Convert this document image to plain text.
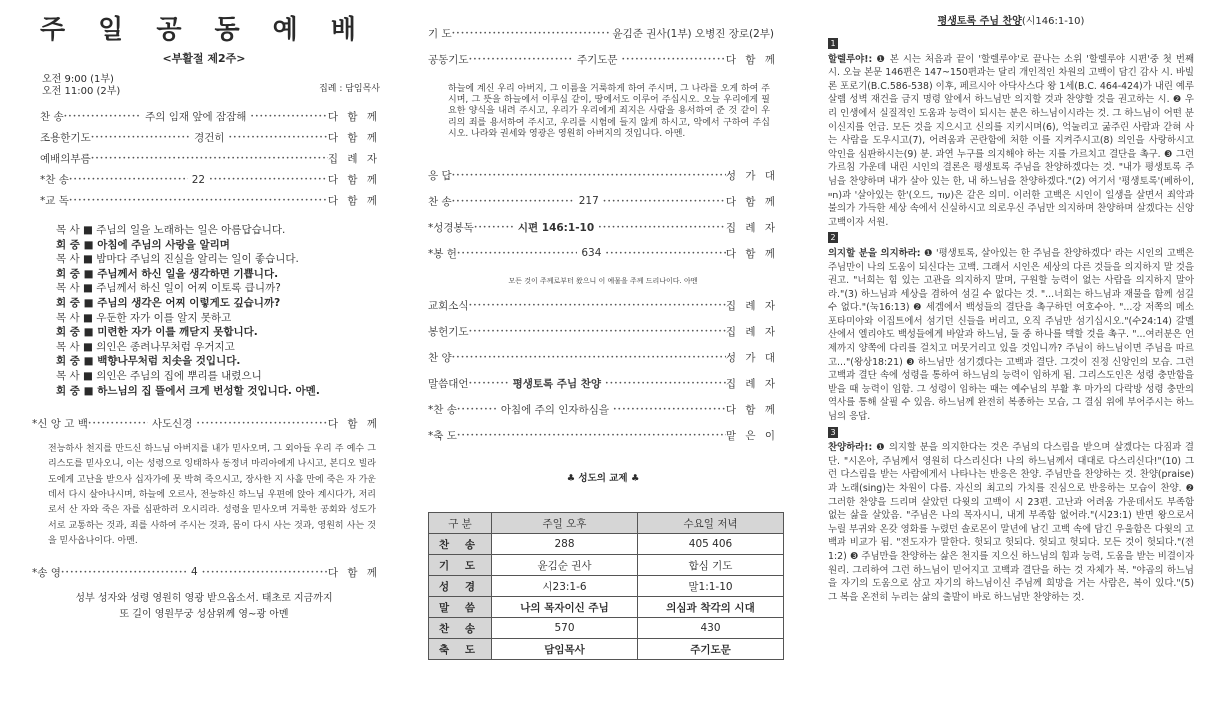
주 일 공 동 예 배
<부활절 제2주>
오전 9:00 (1부)
오전 11:00 (2부)	집례 : 담임목사
찬 송 •••••	주의 임재 앞에 잠잠해 •••••	다 함 께
조용한기도 •••••	경건히 •••••	다 함 께
예배의부름 •••••	집 례 자
*찬 송 •••••	22 •••••	다 함 께
*교 독 •••••	다 함 께
목 사 ■ 주님의 일을 노래하는 일은 아름답습니다.
회 중 ■ 아침에 주님의 사랑을 알리며
목 사 ■ 밤마다 주님의 진실을 알리는 일이 좋습니다.
회 중 ■ 주님께서 하신 일을 생각하면 기쁩니다.
목 사 ■ 주님께서 하신 일이 어찌 이토록 큽니까?
회 중 ■ 주님의 생각은 어찌 이렇게도 깊습니까?
목 사 ■ 우둔한 자가 이를 알지 못하고
회 중 ■ 미련한 자가 이를 깨닫지 못합니다.
목 사 ■ 의인은 종려나무처럼 우거지고
회 중 ■ 백향나무처럼 치솟을 것입니다.
목 사 ■ 의인은 주님의 집에 뿌리를 내렸으니
회 중 ■ 하느님의 집 뜰에서 크게 번성할 것입니다. 아멘.
*신 앙 고 백 •••••	사도신경 •••••	다 함 께
전능하사 천지를 만드신 하느님 아버지를 내가 믿사오며, 그 외아들 우리 주 예수 그리스도를 믿사오니, 이는 성령으로 잉태하사 동정녀 마리아에게 나시고, 본디오 빌라도에게 고난을 받으사 십자가에 못 박혀 죽으시고, 장사한 지 사흘 만에 죽은 자 가운데서 다시 살아나시며, 하늘에 오르사, 전능하신 하느님 우편에 앉아 계시다가, 저리로서 산 자와 죽은 자를 심판하러 오시리라. 성령을 믿사오며 거룩한 공회와 성도가 서로 교통하는 것과, 죄를 사하여 주시는 것과, 몸이 다시 사는 것과, 영원히 사는 것을 믿사옵나이다. 아멘.
*송 영 •••••	4 •••••	다 함 께
성부 성자와 성령 영원히 영광 받으옵소서. 태초로 지금까지
또 길이 영원무궁 성삼위께 영~광 아멘
기 도 •••••	윤김준 권사(1부) 오병진 장로(2부)
공동기도 •••••	주기도문 •••••	다 함 께
하늘에 계신 우리 아버지, 그 이름을 거룩하게 하여 주시며, 그 나라를 오게 하여 주시며, 그 뜻을 하늘에서 이루심 같이, 땅에서도 이루어 주십시오. 오늘 우리에게 필요한 양식을 내려 주시고, 우리가 우리에게 죄지은 사람을 용서하여 준 것 같이 우리의 죄를 용서하여 주시고, 우리를 시험에 들지 않게 하시고, 악에서 구하여 주십시오. 나라와 권세와 영광은 영원히 아버지의 것입니다. 아멘.
응 답 •••••	성 가 대
찬 송 •••••	217 •••••	다 함 께
*성경봉독 •••••	시편 146:1-10 •••••	집 례 자
*봉 헌 •••••	634 •••••	다 함 께
모든 것이 주께로부터 왔으니 이 예물을 주께 드리나이다. 아멘
교회소식 •••••	집 례 자
봉헌기도 •••••	집 례 자
찬 양 •••••	성 가 대
말씀대언 •••••	평생토록 주님 찬양 •••••	집 례 자
*찬 송 •••••	아침에 주의 인자하심을 •••••	다 함 께
*축 도 •••••	맡 은 이
♣ 성도의 교제 ♣
구 분	주일 오후	수요일 저녁
찬 송	288	405 406
기 도	윤김순 권사	합심 기도
성 경	시23:1-6	말1:1-10
말 씀	나의 목자이신 주님	의심과 착각의 시대
찬 송	570	430
축 도	담임목사	주기도문
평생토록 주님 찬양(시146:1-10)

1

할렐루야!: ❶ 본 시는 처음과 끝이 '할렐루야'로 끝나는 소위 '할렐루야 시편'중 첫 번째 시. 오늘 본문 146편은 147~150편과는 달리 개인적인 차원의 고백이 담긴 감사 시. 바빌론 포로기(B.C.586-538) 이후, 페르시아 아닥사스다 왕 1세(B.C. 464-424)가 내린 예루살렘 성벽 재건을 금지 명령 앞에서 하느님만 의지할 것과 찬양할 것을 권고하는 시. ❷ 우리 인생에서 실질적인 도움과 능력이 되시는 분은 하느님이시라는 것. 그 하느님이 어떤 분이신지를 언급. 모든 것을 지으시고 신의를 지키시며(6), 억눌리고 굶주린 사람과 갇혀 사는 사람을 도우시고(7), 어려움과 곤란함에 처한 이를 지켜주시고(8) 의인을 사랑하시고 악인을 심판하시는(9) 분. 과연 누구를 의지해야 하는 지를 가르치고 결단을 촉구. ❸ 그런 가르침 가운데 내린 시인의 결론은 평생토록 주님을 찬양하겠다는 것. "내가 평생토록 주님을 찬양하며 내가 살아 있는 한, 내 하느님을 찬양하겠다."(2) 여기서 '평생토록'(베하이, חיי)과 '살아있는 한'(오드, עוד)은 같은 의미. 이러한 고백은 시인이 일생을 살면서 죄악과 불의가 가득한 세상 속에서 신실하시고 의로우신 주님만 의지하며 찬양하며 살겠다는 신앙고백이자 서원.

2

의지할 분을 의지하라: ❶ '평생토록, 살아있는 한 주님을 찬양하겠다' 라는 시인의 고백은 주님만이 나의 도움이 되신다는 고백. 그래서 시인은 세상의 다른 것들을 의지하지 말 것을 권고. "너희는 힘 있는 고관을 의지하지 말며, 구원할 능력이 없는 사람을 의지하지 말아라."(3) 하느님과 세상을 겸하여 섬길 수 없다는 것. "...너희는 하느님과 재물을 함께 섬길 수 없다."(눅16:13) ❷ 세겜에서 백성들의 결단을 촉구하던 여호수아. "...강 저쪽의 메소포타미아와 이집트에서 섬기던 신들을 버리고, 오직 주님만 섬기십시오."(수24:14) 갈멜산에서 엘리야도 백성들에게 바알과 하느님, 둘 중 하나를 택할 것을 촉구. "...여러분은 언제까지 양쪽에 다리를 걸치고 머뭇거리고 있을 것입니까? 주님이 하느님이면 주님을 따르고..."(왕상18:21) ❸ 하느님만 섬기겠다는 고백과 결단. 그것이 진정 신앙인의 모습. 그런 고백과 결단 속에 성령을 통하여 하느님의 능력이 임하게 됨. 그리스도인은 성령 충만함을 받을 때 능력이 임함. 그 성령이 임하는 때는 예수님의 부활 후 마가의 다락방 성령 충만의 역사를 통해 살필 수 있음. 하느님께 완전히 복종하는 모습, 그 결심 위에 부어주시는 하느님의 응답.

3

찬양하라!: ❶ 의지할 분을 의지한다는 것은 주님의 다스림을 받으며 살겠다는 다짐과 결단. "시온아, 주님께서 영원히 다스리신다! 나의 하느님께서 대대로 다스리신다!"(10) 그런 다스림을 받는 사람에게서 나타나는 반응은 찬양. 주님만을 찬양하는 것. 찬양(praise)과 노래(sing)는 차원이 다름. 자신의 최고의 가치를 진심으로 반응하는 모습이 찬양. ❷ 그러한 찬양을 드리며 살았던 다윗의 고백이 시 23편. 고난과 어려움 가운데서도 부족함 없는 삶을 살았음. "주님은 나의 목자시니, 내게 부족함 없어라."(시23:1) 반면 왕으로서 누릴 부귀와 온갖 영화를 누렸던 솔로몬이 말년에 남긴 고백 속에 담긴 우울함은 다윗의 고백과 비교가 됨. "전도자가 말한다. 헛되고 헛되다. 헛되고 헛되다. 모든 것이 헛되다."(전1:2) ❸ 주님만을 찬양하는 삶은 천지를 지으신 하느님의 힘과 능력, 도움을 받는 비결이자 원리. 그리하여 그런 하느님이 믿어지고 고백과 결단을 하는 것 자체가 복. "야곱의 하느님을 자기의 도움으로 삼고 자기의 하느님이신 주님께 희망을 거는 사람은, 복이 있다."(5) 그 복을 온전히 누리는 삶의 출발이 바로 하느님만 찬양하는 것.
